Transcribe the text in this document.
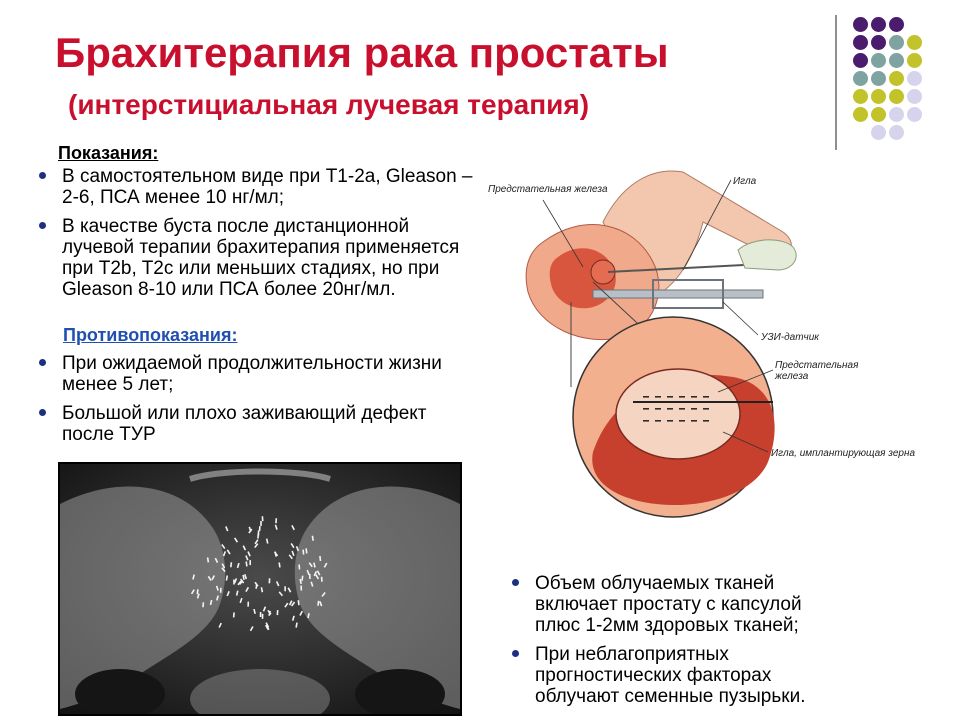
Брахитерапия рака простаты
(интерстициальная лучевая терапия)
Показания:
В самостоятельном виде при Т1-2а, Gleason – 2-6, ПСА менее 10 нг/мл;
В качестве буста после дистанционной лучевой терапии брахитерапия применяется при Т2b, T2c или меньших стадиях, но при Gleason 8-10 или ПСА более 20нг/мл.
Противопоказания:
При ожидаемой продолжительности жизни менее 5 лет;
Большой или плохо заживающий дефект после ТУР
Объем облучаемых тканей включает простату с капсулой плюс 1-2мм здоровых тканей;
При неблагоприятных прогностических факторах облучают семенные пузырьки.
Предстательная железа
Игла
УЗИ-датчик
Предстательная железа
Игла, имплантирующая зерна
